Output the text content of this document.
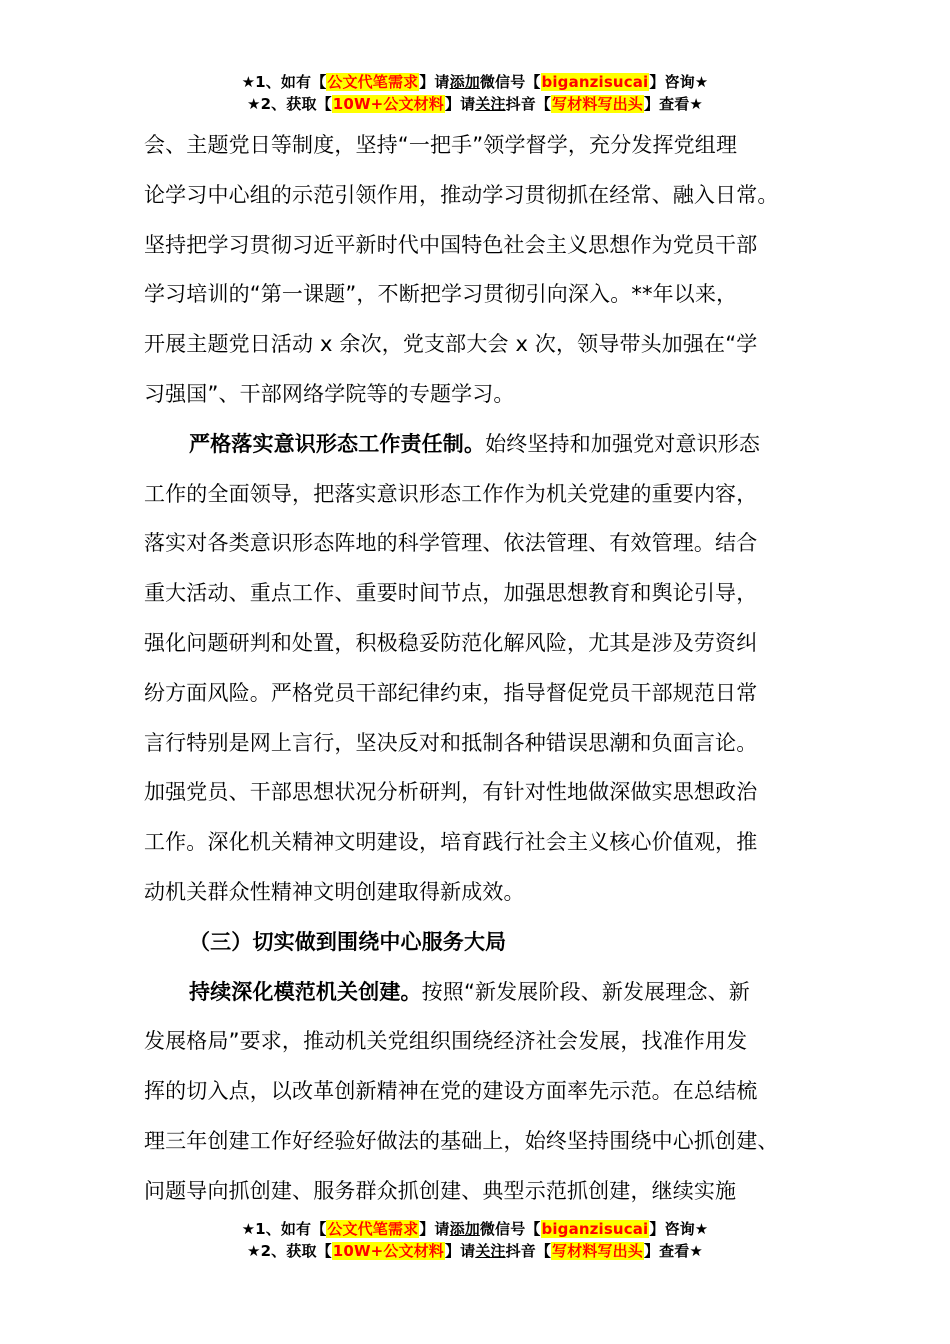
★1、如有【公文代笔需求】请添加微信号【biganzisucai】咨询★
★2、获取【10W+公文材料】请关注抖音【写材料写出头】查看★
会、主题党日等制度，坚持“一把手”领学督学，充分发挥党组理
论学习中心组的示范引领作用，推动学习贯彻抓在经常、融入日常。
坚持把学习贯彻习近平新时代中国特色社会主义思想作为党员干部
学习培训的“第一课题”，不断把学习贯彻引向深入。**年以来，
开展主题党日活动 x 余次，党支部大会 x 次，领导带头加强在“学
习强国”、干部网络学院等的专题学习。
严格落实意识形态工作责任制。始终坚持和加强党对意识形态
工作的全面领导，把落实意识形态工作作为机关党建的重要内容，
落实对各类意识形态阵地的科学管理、依法管理、有效管理。结合
重大活动、重点工作、重要时间节点，加强思想教育和舆论引导，
强化问题研判和处置，积极稳妥防范化解风险，尤其是涉及劳资纠
纷方面风险。严格党员干部纪律约束，指导督促党员干部规范日常
言行特别是网上言行，坚决反对和抵制各种错误思潮和负面言论。
加强党员、干部思想状况分析研判，有针对性地做深做实思想政治
工作。深化机关精神文明建设，培育践行社会主义核心价值观，推
动机关群众性精神文明创建取得新成效。
（三）切实做到围绕中心服务大局
持续深化模范机关创建。按照“新发展阶段、新发展理念、新
发展格局”要求，推动机关党组织围绕经济社会发展，找准作用发
挥的切入点，以改革创新精神在党的建设方面率先示范。在总结梳
理三年创建工作好经验好做法的基础上，始终坚持围绕中心抓创建、
问题导向抓创建、服务群众抓创建、典型示范抓创建，继续实施
★1、如有【公文代笔需求】请添加微信号【biganzisucai】咨询★
★2、获取【10W+公文材料】请关注抖音【写材料写出头】查看★
